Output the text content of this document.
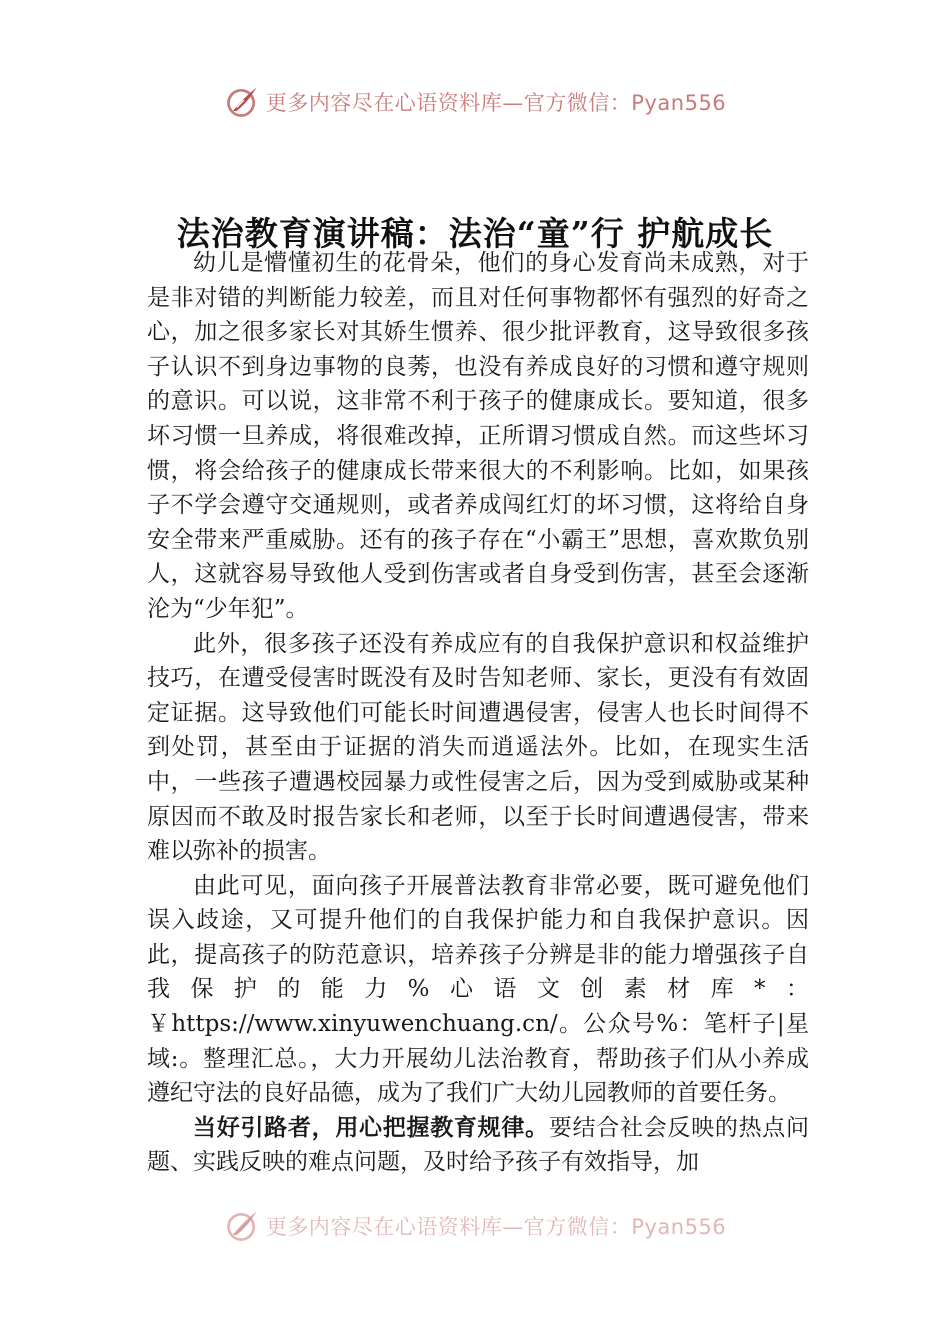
更多内容尽在心语资料库—官方微信：Pyan556
法治教育演讲稿：法治“童”行 护航成长

幼儿是懵懂初生的花骨朵，他们的身心发育尚未成熟，对于是非对错的判断能力较差，而且对任何事物都怀有强烈的好奇之心，加之很多家长对其娇生惯养、很少批评教育，这导致很多孩子认识不到身边事物的良莠，也没有养成良好的习惯和遵守规则的意识。可以说，这非常不利于孩子的健康成长。要知道，很多坏习惯一旦养成，将很难改掉，正所谓习惯成自然。而这些坏习惯，将会给孩子的健康成长带来很大的不利影响。比如，如果孩子不学会遵守交通规则，或者养成闯红灯的坏习惯，这将给自身安全带来严重威胁。还有的孩子存在“小霸王”思想，喜欢欺负别人，这就容易导致他人受到伤害或者自身受到伤害，甚至会逐渐沦为“少年犯”。

此外，很多孩子还没有养成应有的自我保护意识和权益维护技巧，在遭受侵害时既没有及时告知老师、家长，更没有有效固定证据。这导致他们可能长时间遭遇侵害，侵害人也长时间得不到处罚，甚至由于证据的消失而逍遥法外。比如，在现实生活中，一些孩子遭遇校园暴力或性侵害之后，因为受到威胁或某种原因而不敢及时报告家长和老师，以至于长时间遭遇侵害，带来难以弥补的损害。

由此可见，面向孩子开展普法教育非常必要，既可避免他们误入歧途，又可提升他们的自我保护能力和自我保护意识。因此，提高孩子的防范意识，培养孩子分辨是非的能力增强孩子自我保护的能力%心语文创素材库*：￥https://www.xinyuwenchuang.cn/。公众号%：笔杆子|星域:。整理汇总。，大力开展幼儿法治教育，帮助孩子们从小养成遵纪守法的良好品德，成为了我们广大幼儿园教师的首要任务。

当好引路者，用心把握教育规律。要结合社会反映的热点问题、实践反映的难点问题，及时给予孩子有效指导，加

更多内容尽在心语资料库—官方微信：Pyan556
